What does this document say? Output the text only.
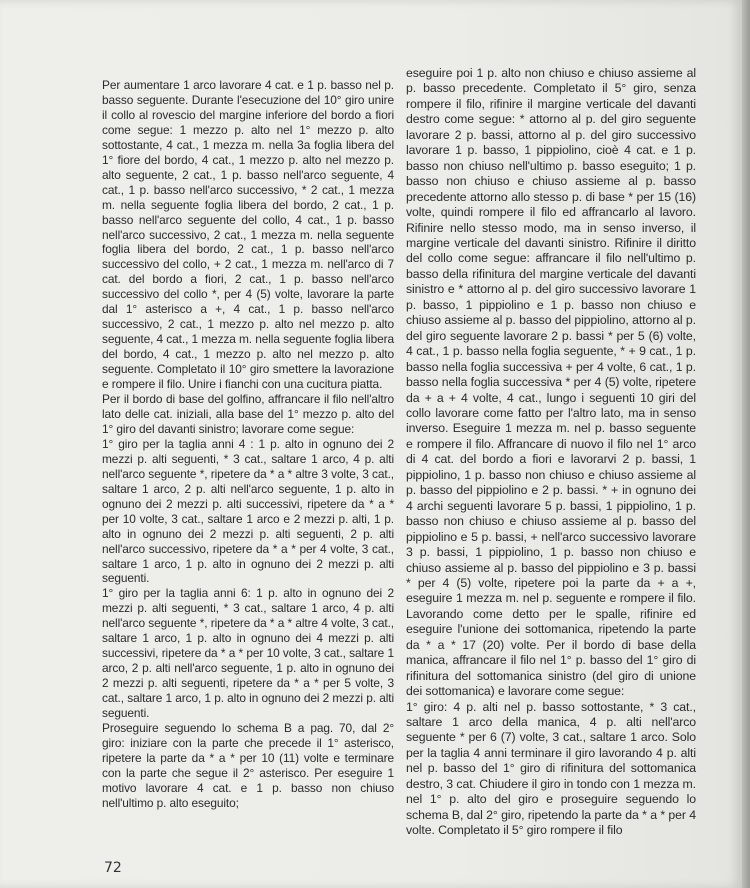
Per aumentare 1 arco lavorare 4 cat. e 1 p. basso nel p. basso seguente. Durante l'esecuzione del 10° giro unire il collo al rovescio del margine inferiore del bordo a fiori come segue: 1 mezzo p. alto nel 1° mezzo p. alto sottostante, 4 cat., 1 mezza m. nella 3a foglia libera del 1° fiore del bordo, 4 cat., 1 mezzo p. alto nel mezzo p. alto seguente, 2 cat., 1 p. basso nell'arco seguente, 4 cat., 1 p. basso nell'arco successivo, * 2 cat., 1 mezza m. nella seguente foglia libera del bordo, 2 cat., 1 p. basso nell'arco seguente del collo, 4 cat., 1 p. basso nell'arco successivo, 2 cat., 1 mezza m. nella seguente foglia libera del bordo, 2 cat., 1 p. basso nell'arco successivo del collo, + 2 cat., 1 mezza m. nell'arco di 7 cat. del bordo a fiori, 2 cat., 1 p. basso nell'arco successivo del collo *, per 4 (5) volte, lavorare la parte dal 1° asterisco a +, 4 cat., 1 p. basso nell'arco successivo, 2 cat., 1 mezzo p. alto nel mezzo p. alto seguente, 4 cat., 1 mezza m. nella seguente foglia libera del bordo, 4 cat., 1 mezzo p. alto nel mezzo p. alto seguente. Completato il 10° giro smettere la lavorazione e rompere il filo. Unire i fianchi con una cucitura piatta.
Per il bordo di base del golfino, affrancare il filo nell'altro lato delle cat. iniziali, alla base del 1° mezzo p. alto del 1° giro del davanti sinistro; lavorare come segue:
1° giro per la taglia anni 4 : 1 p. alto in ognuno dei 2 mezzi p. alti seguenti, * 3 cat., saltare 1 arco, 4 p. alti nell'arco seguente *, ripetere da * a * altre 3 volte, 3 cat., saltare 1 arco, 2 p. alti nell'arco seguente, 1 p. alto in ognuno dei 2 mezzi p. alti successivi, ripetere da * a * per 10 volte, 3 cat., saltare 1 arco e 2 mezzi p. alti, 1 p. alto in ognuno dei 2 mezzi p. alti seguenti, 2 p. alti nell'arco successivo, ripetere da * a * per 4 volte, 3 cat., saltare 1 arco, 1 p. alto in ognuno dei 2 mezzi p. alti seguenti.
1° giro per la taglia anni 6: 1 p. alto in ognuno dei 2 mezzi p. alti seguenti, * 3 cat., saltare 1 arco, 4 p. alti nell'arco seguente *, ripetere da * a * altre 4 volte, 3 cat., saltare 1 arco, 1 p. alto in ognuno dei 4 mezzi p. alti successivi, ripetere da * a * per 10 volte, 3 cat., saltare 1 arco, 2 p. alti nell'arco seguente, 1 p. alto in ognuno dei 2 mezzi p. alti seguenti, ripetere da * a * per 5 volte, 3 cat., saltare 1 arco, 1 p. alto in ognuno dei 2 mezzi p. alti seguenti.
Proseguire seguendo lo schema B a pag. 70, dal 2° giro: iniziare con la parte che precede il 1° asterisco, ripetere la parte da * a * per 10 (11) volte e terminare con la parte che segue il 2° asterisco. Per eseguire 1 motivo lavorare 4 cat. e 1 p. basso non chiuso nell'ultimo p. alto eseguito;
eseguire poi 1 p. alto non chiuso e chiuso assieme al p. basso precedente. Completato il 5° giro, senza rompere il filo, rifinire il margine verticale del davanti destro come segue: * attorno al p. del giro seguente lavorare 2 p. bassi, attorno al p. del giro successivo lavorare 1 p. basso, 1 pippiolino, cioè 4 cat. e 1 p. basso non chiuso nell'ultimo p. basso eseguito; 1 p. basso non chiuso e chiuso assieme al p. basso precedente attorno allo stesso p. di base * per 15 (16) volte, quindi rompere il filo ed affrancarlo al lavoro. Rifinire nello stesso modo, ma in senso inverso, il margine verticale del davanti sinistro. Rifinire il diritto del collo come segue: affrancare il filo nell'ultimo p. basso della rifinitura del margine verticale del davanti sinistro e * attorno al p. del giro successivo lavorare 1 p. basso, 1 pippiolino e 1 p. basso non chiuso e chiuso assieme al p. basso del pippiolino, attorno al p. del giro seguente lavorare 2 p. bassi * per 5 (6) volte, 4 cat., 1 p. basso nella foglia seguente, * + 9 cat., 1 p. basso nella foglia successiva + per 4 volte, 6 cat., 1 p. basso nella foglia successiva * per 4 (5) volte, ripetere da + a + 4 volte, 4 cat., lungo i seguenti 10 giri del collo lavorare come fatto per l'altro lato, ma in senso inverso. Eseguire 1 mezza m. nel p. basso seguente e rompere il filo. Affrancare di nuovo il filo nel 1° arco di 4 cat. del bordo a fiori e lavorarvi 2 p. bassi, 1 pippiolino, 1 p. basso non chiuso e chiuso assieme al p. basso del pippiolino e 2 p. bassi. * + in ognuno dei 4 archi seguenti lavorare 5 p. bassi, 1 pippiolino, 1 p. basso non chiuso e chiuso assieme al p. basso del pippiolino e 5 p. bassi, + nell'arco successivo lavorare 3 p. bassi, 1 pippiolino, 1 p. basso non chiuso e chiuso assieme al p. basso del pippiolino e 3 p. bassi * per 4 (5) volte, ripetere poi la parte da + a +, eseguire 1 mezza m. nel p. seguente e rompere il filo. Lavorando come detto per le spalle, rifinire ed eseguire l'unione dei sottomanica, ripetendo la parte da * a * 17 (20) volte. Per il bordo di base della manica, affrancare il filo nel 1° p. basso del 1° giro di rifinitura del sottomanica sinistro (del giro di unione dei sottomanica) e lavorare come segue:
1° giro: 4 p. alti nel p. basso sottostante, * 3 cat., saltare 1 arco della manica, 4 p. alti nell'arco seguente * per 6 (7) volte, 3 cat., saltare 1 arco. Solo per la taglia 4 anni terminare il giro lavorando 4 p. alti nel p. basso del 1° giro di rifinitura del sottomanica destro, 3 cat. Chiudere il giro in tondo con 1 mezza m. nel 1° p. alto del giro e proseguire seguendo lo schema B, dal 2° giro, ripetendo la parte da * a * per 4 volte. Completato il 5° giro rompere il filo
72
